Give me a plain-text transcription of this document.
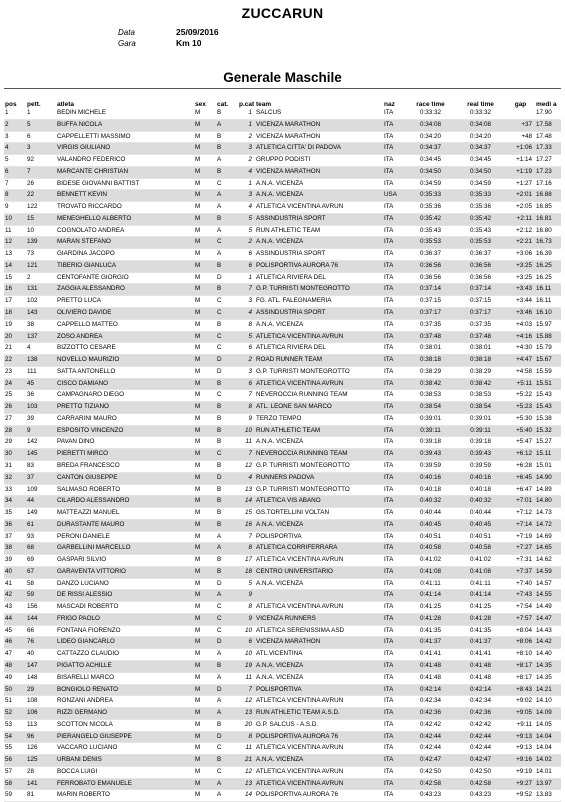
ZUCCARUN
Data	25/09/2016
Gara	Km 10
Generale Maschile
pos	pett.	atleta	sex	cat.	p.cat	team	naz	race time	real time	gap	medi a
1	1	BEDIN MICHELE	M	B	1	SALCUS	ITA	0:33:32	0:33:32		17.90
2	5	BUFFA NICOLA	M	A	1	VICENZA MARATHON	ITA	0:34:08	0:34:08	+37	17.58
3	6	CAPPELLETTI MASSIMO	M	B	2	VICENZA MARATHON	ITA	0:34:20	0:34:20	+48	17.48
4	3	VIRGIS GIULIANO	M	B	3	ATLETICA CITTA' DI PADOVA	ITA	0:34:37	0:34:37	+1:06	17.33
5	92	VALANDRO FEDERICO	M	A	2	GRUPPO PODISTI	ITA	0:34:45	0:34:45	+1:14	17.27
6	7	MARCANTE CHRISTIAN	M	B	4	VICENZA MARATHON	ITA	0:34:50	0:34:50	+1:19	17.23
7	26	BIDESE GIOVANNI BATTIST	M	C	1	A.N.A. VICENZA	ITA	0:34:59	0:34:59	+1:27	17.16
8	22	BENNETT KEVIN	M	A	3	A.N.A. VICENZA	USA	0:35:33	0:35:33	+2:01	16.88
9	122	TROVATO RICCARDO	M	A	4	ATLETICA VICENTINA AVRUN	ITA	0:35:36	0:35:36	+2:05	16.85
10	15	MENEGHELLO ALBERTO	M	B	5	ASSINDUSTRIA SPORT	ITA	0:35:42	0:35:42	+2:11	16.81
11	10	COGNOLATO ANDREA	M	A	5	RUN ATHLETIC TEAM	ITA	0:35:43	0:35:43	+2:12	16.80
12	139	MARAN STEFANO	M	C	2	A.N.A. VICENZA	ITA	0:35:53	0:35:53	+2:21	16.73
13	73	GIARDINA JACOPO	M	A	6	ASSINDUSTRIA SPORT	ITA	0:36:37	0:36:37	+3:06	16.39
14	121	TIBERIO GIANLUCA	M	B	6	POLISPORTIVA AURORA 76	ITA	0:36:56	0:36:56	+3:25	16.25
15	2	CENTOFANTE GIORGIO	M	D	1	ATLETICA RIVIERA DEL	ITA	0:36:56	0:36:56	+3:25	16.25
16	131	ZAGGIA ALESSANDRO	M	B	7	G.P. TURRISTI MONTEGROTTO	ITA	0:37:14	0:37:14	+3:43	16.11
17	102	PRETTO LUCA	M	C	3	FG. ATL. FALEGNAMERIA	ITA	0:37:15	0:37:15	+3:44	16.11
18	143	OLIVIERO DAVIDE	M	C	4	ASSINDUSTRIA SPORT	ITA	0:37:17	0:37:17	+3:46	16.10
19	38	CAPPELLO MATTEO	M	B	8	A.N.A. VICENZA	ITA	0:37:35	0:37:35	+4:03	15.97
20	137	ZOSO ANDREA	M	C	5	ATLETICA VICENTINA AVRUN	ITA	0:37:48	0:37:48	+4:16	15.88
21	4	BIZZOTTO CESARE	M	C	6	ATLETICA RIVIERA DEL	ITA	0:38:01	0:38:01	+4:30	15.79
22	138	NOVELLO MAURIZIO	M	D	2	ROAD RUNNER TEAM	ITA	0:38:18	0:38:18	+4:47	15.67
23	111	SATTA ANTONELLO	M	D	3	G.P. TURRISTI MONTEGROTTO	ITA	0:38:29	0:38:29	+4:58	15.59
24	45	CISCO DAMIANO	M	B	6	ATLETICA VICENTINA AVRUN	ITA	0:38:42	0:38:42	+5:11	15.51
25	36	CAMPAGNARO DIEGO	M	C	7	NEVEROCCIA RUNNING TEAM	ITA	0:38:53	0:38:53	+5:22	15.43
26	103	PRETTO TIZIANO	M	B	8	ATL. LEONE SAN MARCO	ITA	0:38:54	0:38:54	+5:23	15.43
27	39	CARRARINI MAURO	M	B	9	TERZO TEMPO	ITA	0:39:01	0:39:01	+5:30	15.38
28	9	ESPOSITO VINCENZO	M	B	10	RUN ATHLETIC TEAM	ITA	0:39:11	0:39:11	+5:40	15.32
29	142	PAVAN DINO	M	B	11	A.N.A. VICENZA	ITA	0:39:18	0:39:18	+5:47	15.27
30	145	PIERETTI MIRCO	M	C	7	NEVEROCCIA RUNNING TEAM	ITA	0:39:43	0:39:43	+6:12	15.11
31	83	BREDA FRANCESCO	M	B	12	G.P. TURRISTI MONTEGROTTO	ITA	0:39:59	0:39:59	+6:28	15.01
32	37	CANTON GIUSEPPE	M	D	4	RUNNERS PADOVA	ITA	0:40:16	0:40:16	+6:45	14.90
33	109	SALMASO ROBERTO	M	B	13	G.P. TURRISTI MONTEGROTTO	ITA	0:40:18	0:40:18	+6:47	14.89
34	44	CILARDO ALESSANDRO	M	B	14	ATLETICA VIS ABANO	ITA	0:40:32	0:40:32	+7:01	14.80
35	149	MATTEAZZI MANUEL	M	B	15	GS.TORTELLINI VOLTAN	ITA	0:40:44	0:40:44	+7:12	14.73
36	61	DURASTANTE MAURO	M	B	16	A.N.A. VICENZA	ITA	0:40:45	0:40:45	+7:14	14.72
37	93	PERONI DANIELE	M	A	7	POLISPORTIVA	ITA	0:40:51	0:40:51	+7:19	14.69
38	68	GARBELLINI MARCELLO	M	A	8	ATLETICA CORRIFERRARA	ITA	0:40:58	0:40:58	+7:27	14.65
39	69	GASPARI SILVIO	M	B	17	ATLETICA VICENTINA AVRUN	ITA	0:41:02	0:41:02	+7:31	14.62
40	67	GARAVENTA VITTORIO	M	B	18	CENTRO UNIVERSITARIO	ITA	0:41:08	0:41:08	+7:37	14.59
41	58	DANZO LUCIANO	M	D	5	A.N.A. VICENZA	ITA	0:41:11	0:41:11	+7:40	14.57
42	59	DE RISSI ALESSIO	M	A	9		ITA	0:41:14	0:41:14	+7:43	14.55
43	156	MASCADI ROBERTO	M	C	8	ATLETICA VICENTINA AVRUN	ITA	0:41:25	0:41:25	+7:54	14.49
44	144	FRIGO PAOLO	M	C	9	VICENZA RUNNERS	ITA	0:41:28	0:41:28	+7:57	14.47
45	66	FONTANA FIORENZO	M	C	10	ATLETICA SERENISSIMA ASD	ITA	0:41:35	0:41:35	+8:04	14.43
46	76	LIDEO GIANCARLO	M	D	6	VICENZA MARATHON	ITA	0:41:37	0:41:37	+8:06	14.42
47	40	CATTAZZO CLAUDIO	M	A	10	ATL.VICENTINA	ITA	0:41:41	0:41:41	+8:10	14.40
48	147	PIGATTO ACHILLE	M	B	19	A.N.A. VICENZA	ITA	0:41:48	0:41:48	+8:17	14.35
49	148	BISARELLI MARCO	M	A	11	A.N.A. VICENZA	ITA	0:41:48	0:41:48	+8:17	14.35
50	29	BONGIOLO RENATO	M	D	7	POLISPORTIVA	ITA	0:42:14	0:42:14	+8:43	14.21
51	108	RONZANI ANDREA	M	A	12	ATLETICA VICENTINA AVRUN	ITA	0:42:34	0:42:34	+9:02	14.10
52	106	RIZZI GERMANO	M	A	13	RUN ATHLETIC TEAM A.S.D.	ITA	0:42:36	0:42:36	+9:05	14.09
53	113	SCOTTON NICOLA	M	B	20	G.P. SALCUS - A.S.D.	ITA	0:42:42	0:42:42	+9:11	14.05
54	96	PIERANGELO GIUSEPPE	M	D	8	POLISPORTIVA AURORA 76	ITA	0:42:44	0:42:44	+9:13	14.04
55	126	VACCARO LUCIANO	M	C	11	ATLETICA VICENTINA AVRUN	ITA	0:42:44	0:42:44	+9:13	14.04
56	125	URBANI DENIS	M	B	21	A.N.A. VICENZA	ITA	0:42:47	0:42:47	+9:16	14.02
57	28	BOCCA LUIGI	M	C	12	ATLETICA VICENTINA AVRUN	ITA	0:42:50	0:42:50	+9:19	14.01
58	141	FERROBATO EMANUELE	M	A	13	ATLETICA VICENTINA AVRUN	ITA	0:42:58	0:42:58	+9:27	13.97
59	81	MARIN ROBERTO	M	A	14	POLISPORTIVA AURORA 76	ITA	0:43:23	0:43:23	+9:52	13.83
